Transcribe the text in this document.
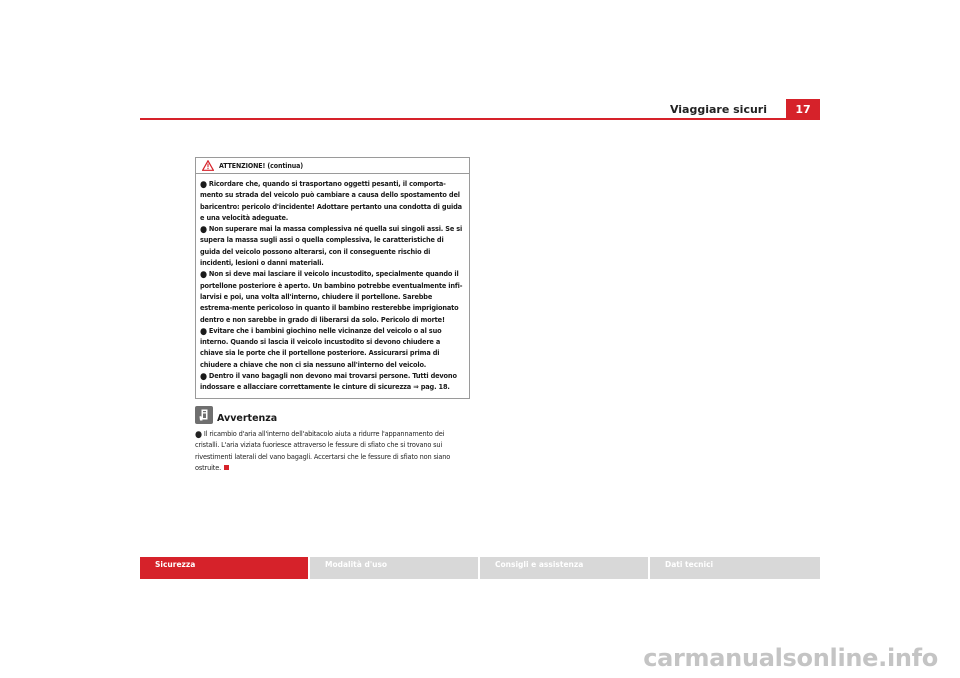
Viaggiare sicuri	17
ATTENZIONE! (continua)

● Ricordare che, quando si trasportano oggetti pesanti, il comporta-mento su strada del veicolo può cambiare a causa dello spostamento del baricentro: pericolo d'incidente! Adottare pertanto una condotta di guida e una velocità adeguate.

● Non superare mai la massa complessiva né quella sui singoli assi. Se si supera la massa sugli assi o quella complessiva, le caratteristiche di guida del veicolo possono alterarsi, con il conseguente rischio di incidenti, lesioni o danni materiali.

● Non si deve mai lasciare il veicolo incustodito, specialmente quando il portellone posteriore è aperto. Un bambino potrebbe eventualmente infi-larvisi e poi, una volta all'interno, chiudere il portellone. Sarebbe estrema-mente pericoloso in quanto il bambino resterebbe imprigionato dentro e non sarebbe in grado di liberarsi da solo. Pericolo di morte!

● Evitare che i bambini giochino nelle vicinanze del veicolo o al suo interno. Quando si lascia il veicolo incustodito si devono chiudere a chiave sia le porte che il portellone posteriore. Assicurarsi prima di chiudere a chiave che non ci sia nessuno all'interno del veicolo.

● Dentro il vano bagagli non devono mai trovarsi persone. Tutti devono indossare e allacciare correttamente le cinture di sicurezza ⇒ pag. 18.

Avvertenza
● Il ricambio d'aria all'interno dell'abitacolo aiuta a ridurre l'appannamento dei cristalli. L'aria viziata fuoriesce attraverso le fessure di sfiato che si trovano sui rivestimenti laterali del vano bagagli. Accertarsi che le fessure di sfiato non siano ostruite.
Sicurezza	Modalità d'uso	Consigli e assistenza	Dati tecnici
carmanualsonline.info
